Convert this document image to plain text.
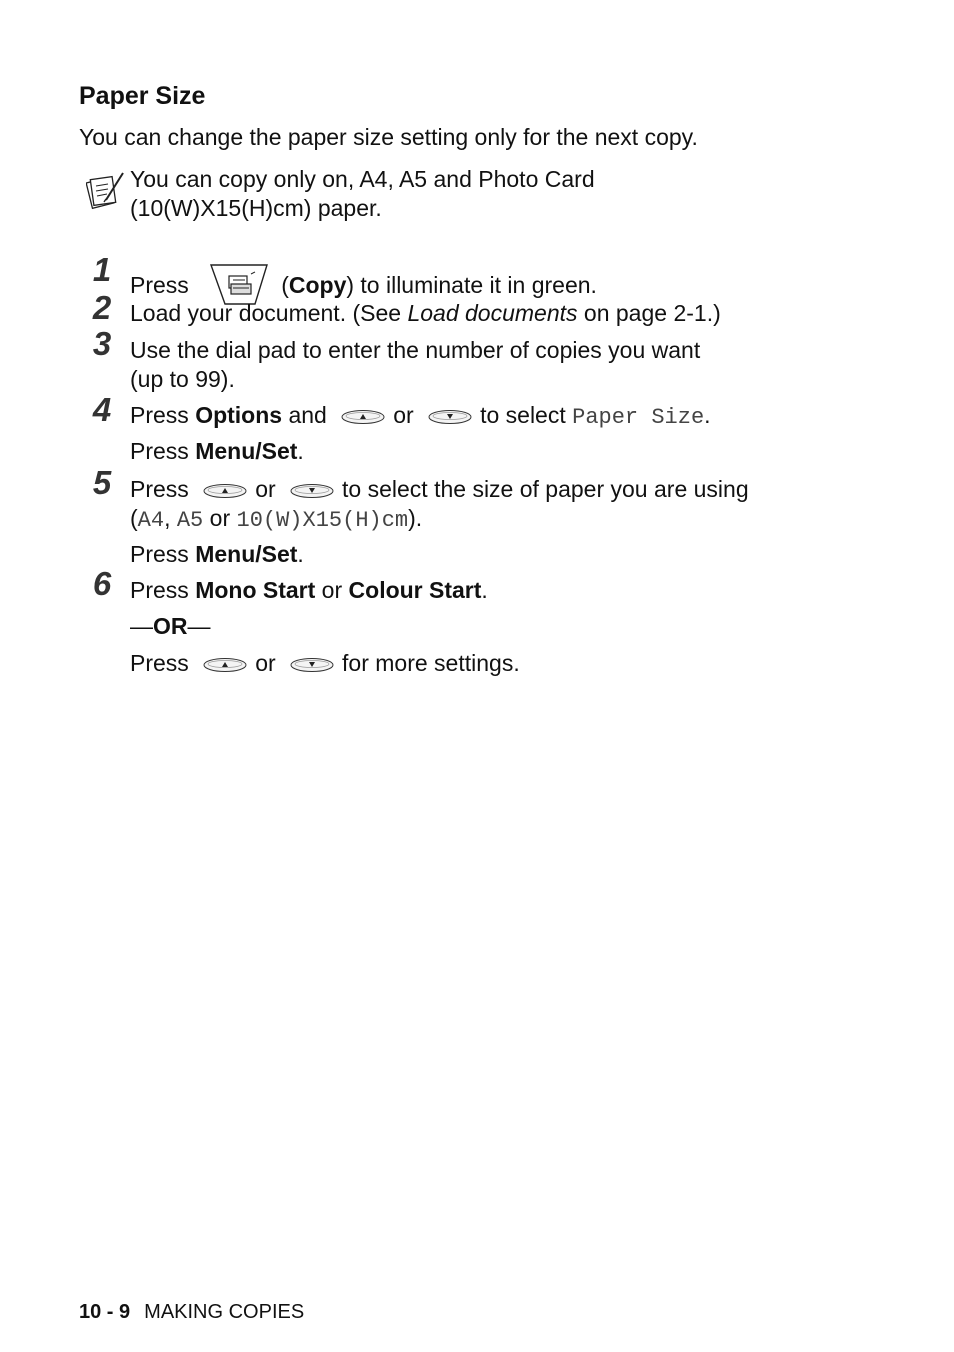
Paper Size
You can change the paper size setting only for the next copy.
You can copy only on, A4, A5 and Photo Card
(10(W)X15(H)cm) paper.
1 Press	(Copy) to illuminate it in green.
2 Load your document. (See Load documents on page 2-1.)
3 Use the dial pad to enter the number of copies you want
(up to 99).
4 Press Options and	or	to select Paper Size.
Press Menu/Set.
5 Press	or	to select the size of paper you are using
(A4, A5 or 10(W)X15(H)cm).
Press Menu/Set.
6 Press Mono Start or Colour Start.
—OR—
Press	or	for more settings.
10 - 9 MAKING COPIES
